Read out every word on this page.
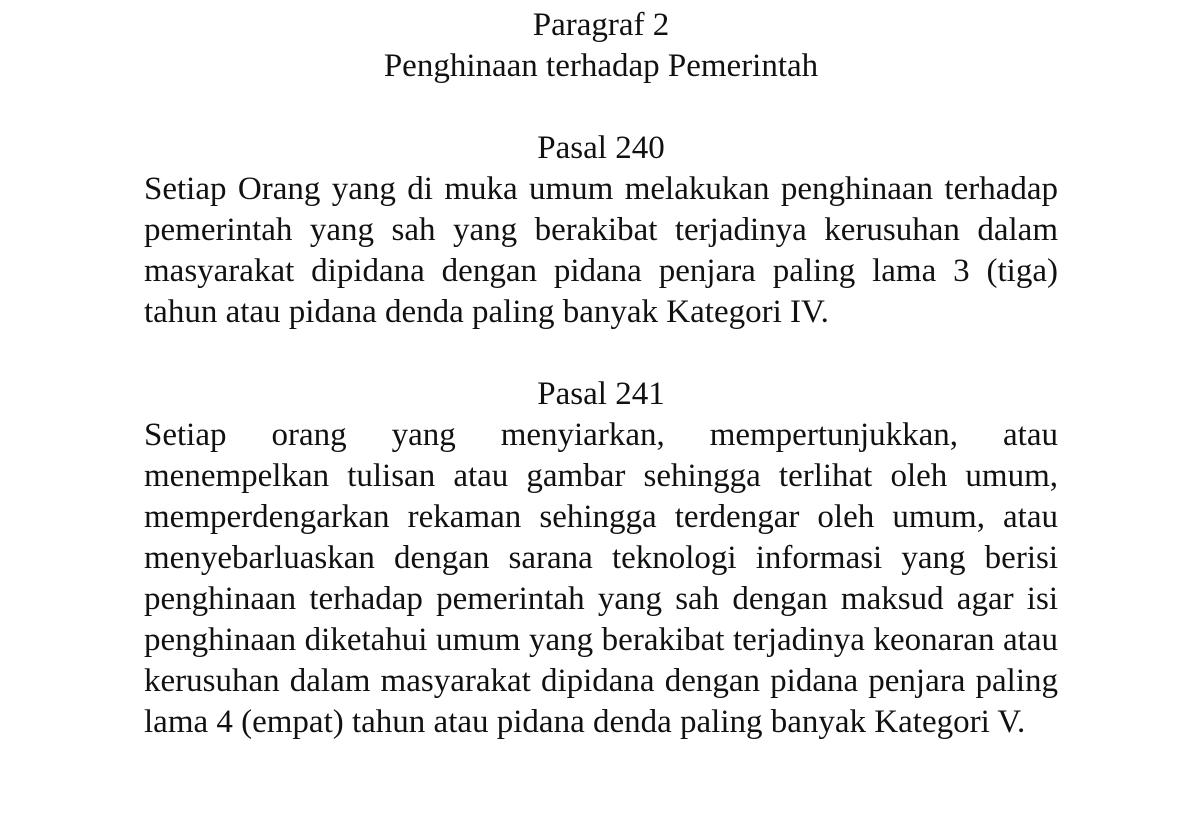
Paragraf 2

Penghinaan terhadap Pemerintah

Pasal 240

Setiap Orang yang di muka umum melakukan penghinaan terhadap pemerintah yang sah yang berakibat terjadinya kerusuhan dalam masyarakat dipidana dengan pidana penjara paling lama 3 (tiga) tahun atau pidana denda paling banyak Kategori IV.

Pasal 241

Setiap orang yang menyiarkan, mempertunjukkan, atau menempelkan tulisan atau gambar sehingga terlihat oleh umum, memperdengarkan rekaman sehingga terdengar oleh umum, atau menyebarluaskan dengan sarana teknologi informasi yang berisi penghinaan terhadap pemerintah yang sah dengan maksud agar isi penghinaan diketahui umum yang berakibat terjadinya keonaran atau kerusuhan dalam masyarakat dipidana dengan pidana penjara paling lama 4 (empat) tahun atau pidana denda paling banyak Kategori V.
